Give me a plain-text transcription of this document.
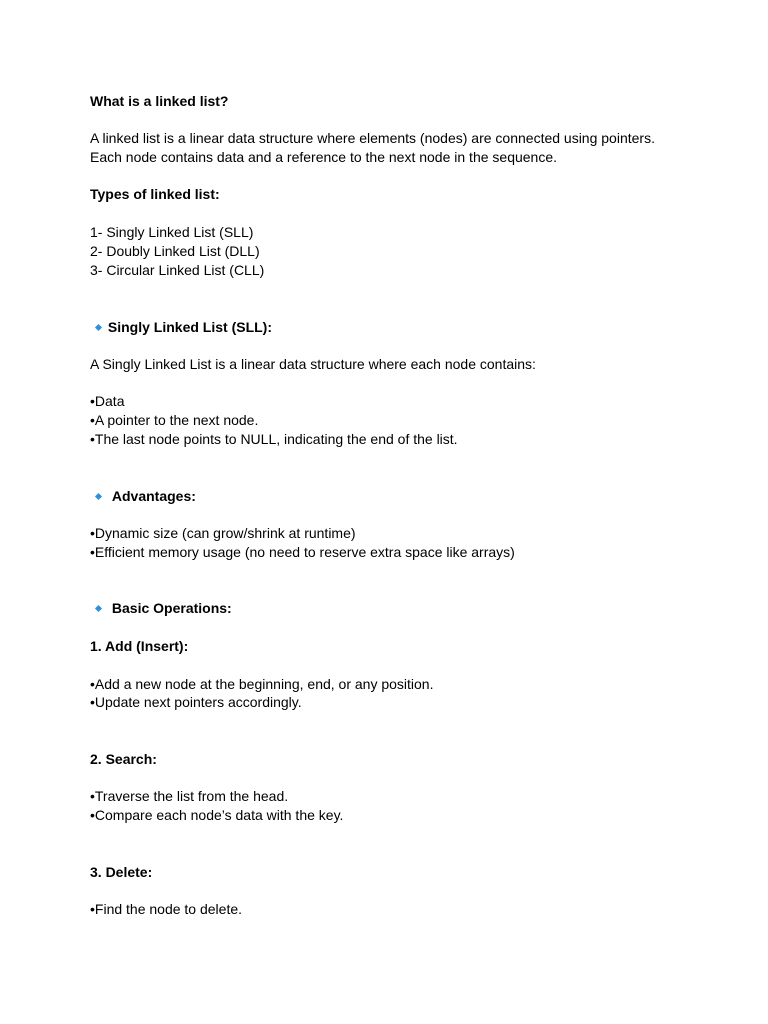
What is a linked list?
A linked list is a linear data structure where elements (nodes) are connected using pointers.
Each node contains data and a reference to the next node in the sequence.
Types of linked list:
1- Singly Linked List (SLL)
2- Doubly Linked List (DLL)
3- Circular Linked List (CLL)
Singly Linked List (SLL):
A Singly Linked List is a linear data structure where each node contains:
•Data
•A pointer to the next node.
•The last node points to NULL, indicating the end of the list.
Advantages:
•Dynamic size (can grow/shrink at runtime)
•Efficient memory usage (no need to reserve extra space like arrays)
Basic Operations:
1. Add (Insert):
•Add a new node at the beginning, end, or any position.
•Update next pointers accordingly.
2. Search:
•Traverse the list from the head.
•Compare each node’s data with the key.
3. Delete:
•Find the node to delete.
